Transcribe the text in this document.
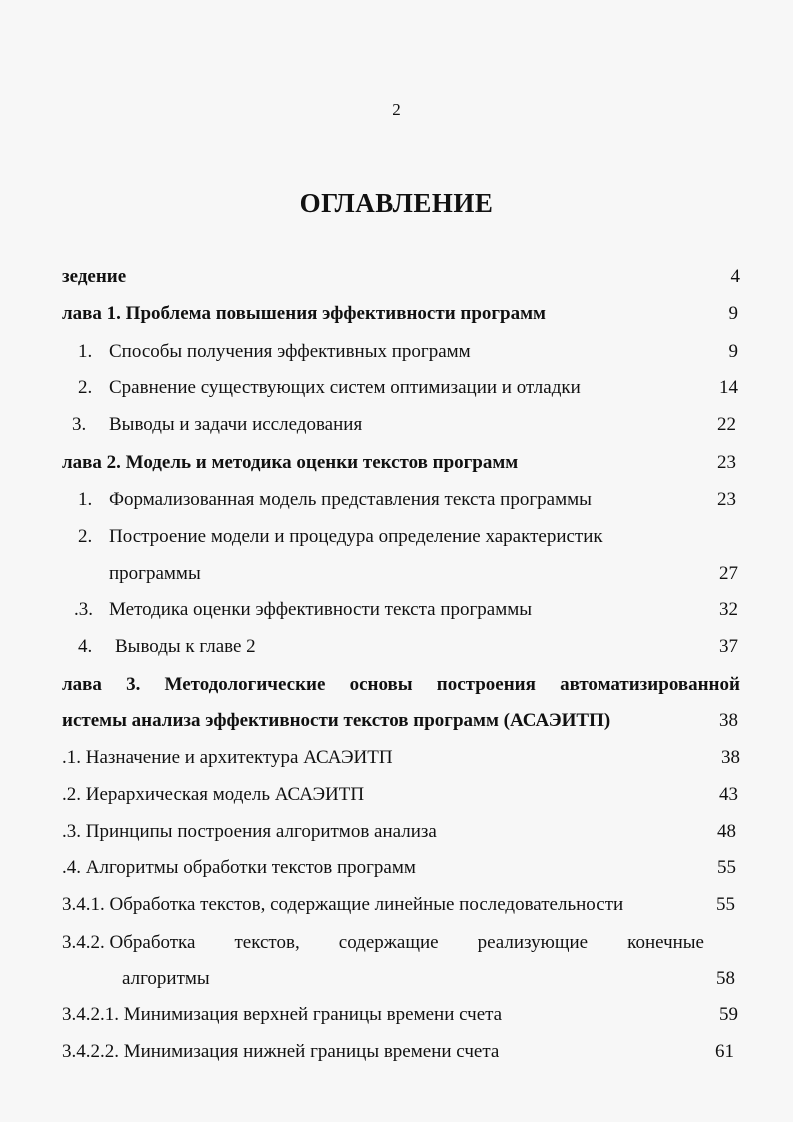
2
ОГЛАВЛЕНИЕ
зедение	4
лава 1. Проблема повышения эффективности программ	9
1. Способы получения эффективных программ	9
2. Сравнение существующих систем оптимизации и отладки	14
3. Выводы и задачи исследования	22
лава 2. Модель и методика оценки текстов программ	23
1. Формализованная модель представления текста программы	23
2. Построение модели и процедура определение характеристик
программы	27
.3. Методика оценки эффективности текста программы	32
4. Выводы к главе 2	37
лава 3. Методологические основы построения автоматизированной
истемы анализа эффективности текстов программ (АСАЭИТП)	38
.1. Назначение и архитектура АСАЭИТП	38
.2. Иерархическая модель АСАЭИТП	43
.3. Принципы построения алгоритмов анализа	48
.4. Алгоритмы обработки текстов программ	55
3.4.1. Обработка текстов, содержащие линейные последовательности	55
3.4.2. Обработка текстов, содержащие реализующие конечные
алгоритмы	58
3.4.2.1. Минимизация верхней границы времени счета	59
3.4.2.2. Минимизация нижней границы времени счета	61
